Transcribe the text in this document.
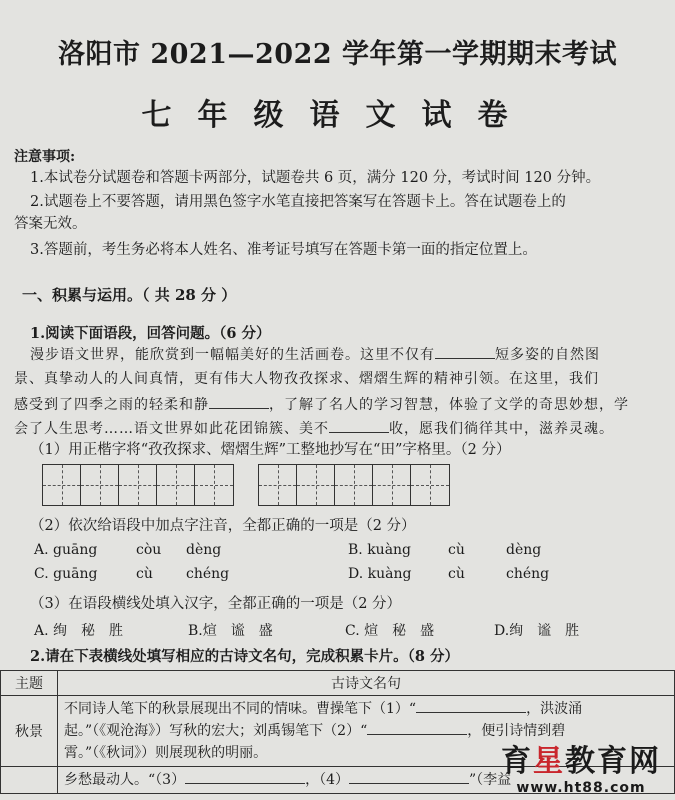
洛阳市 2021—2022 学年第一学期期末考试
七年级语文试卷
注意事项:
1.本试卷分试题卷和答题卡两部分，试题卷共 6 页，满分 120 分，考试时间 120 分钟。
2.试题卷上不要答题，请用黑色签字水笔直接把答案写在答题卡上。答在试题卷上的
答案无效。
3.答题前，考生务必将本人姓名、准考证号填写在答题卡第一面的指定位置上。
一、积累与运用。（ 共 28 分 ）
1.阅读下面语段，回答问题。（6 分）
漫步语文世界，能欣赏到一幅幅美好的生活画卷。这里不仅有	短多姿的自然图
景、真挚动人的人间真情，更有伟大人物孜孜探求、熠熠生辉的精神引领。在这里，我们
感受到了四季之雨的轻柔和静	，了解了名人的学习智慧，体验了文学的奇思妙想，学
会了人生思考……语文世界如此花团锦簇、美不	收，愿我们徜徉其中，滋养灵魂。
（1）用正楷字将“孜孜探求、熠熠生辉”工整地抄写在“田”字格里。（2 分）
（2）依次给语段中加点字注音，全都正确的一项是（2 分）
A. guāng	còu dèng	B. kuàng	cù	dèng
C. guāng	cù chéng	D. kuàng	cù	chéng
（3）在语段横线处填入汉字，全都正确的一项是（2 分）
A. 绚　秘　胜	B.煊　谧　盛	C. 煊　秘　盛	D.绚　谧　胜
2.请在下表横线处填写相应的古诗文名句，完成积累卡片。（8 分）
主题	古诗文名句
秋景	不同诗人笔下的秋景展现出不同的情味。曹操笔下（1）“ ，洪波涌
起。”（《观沧海》）写秋的宏大；刘禹锡笔下（2）“ ，便引诗情到碧
霄。”（《秋词》）则展现秋的明丽。

	乡愁最动人。“（3） ，（4） ”（李益
育星教育网
www.ht88.com
